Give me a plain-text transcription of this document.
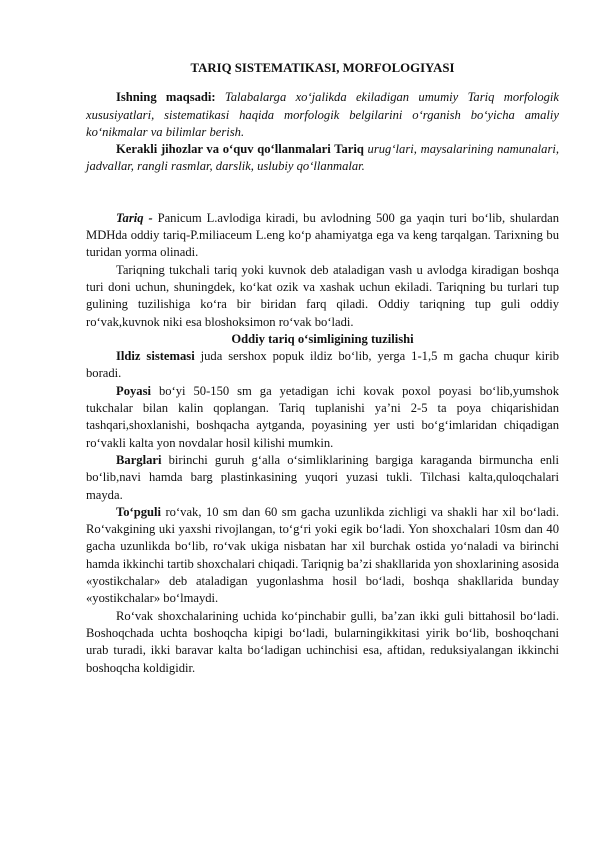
TARIQ SISTEMATIKASI, MORFOLOGIYASI

Ishning maqsadi: Talabalarga xo‘jalikda ekiladigan umumiy Tariq morfologik xususiyatlari, sistematikasi haqida morfologik belgilarini o‘rganish bo‘yicha amaliy ko‘nikmalar va bilimlar berish.

Kerakli jihozlar va o‘quv qo‘llanmalari Tariq urug‘lari, maysalarining namunalari, jadvallar, rangli rasmlar, darslik, uslubiy qo‘llanmalar.

Tariq - Panicum L.avlodiga kiradi, bu avlodning 500 ga yaqin turi bo‘lib, shulardan MDHda oddiy tariq-P.miliaceum L.eng ko‘p ahamiyatga ega va keng tarqalgan. Tarixning bu turidan yorma olinadi.

Tariqning tukchali tariq yoki kuvnok deb ataladigan vash u avlodga kiradigan boshqa turi doni uchun, shuningdek, ko‘kat ozik va xashak uchun ekiladi. Tariqning bu turlari tup gulining tuzilishiga ko‘ra bir biridan farq qiladi. Oddiy tariqning tup guli oddiy ro‘vak,kuvnok niki esa bloshoksimon ro‘vak bo‘ladi.

Oddiy tariq o‘simligining tuzilishi

Ildiz sistemasi juda sershox popuk ildiz bo‘lib, yerga 1-1,5 m gacha chuqur kirib boradi.

Poyasi bo‘yi 50-150 sm ga yetadigan ichi kovak poxol poyasi bo‘lib,yumshok tukchalar bilan kalin qoplangan. Tariq tuplanishi ya’ni 2-5 ta poya chiqarishidan tashqari,shoxlanishi, boshqacha aytganda, poyasining yer usti bo‘g‘imlaridan chiqadigan ro‘vakli kalta yon novdalar hosil kilishi mumkin.

Barglari birinchi guruh g‘alla o‘simliklarining bargiga karaganda birmuncha enli bo‘lib,navi hamda barg plastinkasining yuqori yuzasi tukli. Tilchasi kalta,quloqchalari mayda.

To‘pguli ro‘vak, 10 sm dan 60 sm gacha uzunlikda zichligi va shakli har xil bo‘ladi. Ro‘vakgining uki yaxshi rivojlangan, to‘g‘ri yoki egik bo‘ladi. Yon shoxchalari 10sm dan 40 gacha uzunlikda bo‘lib, ro‘vak ukiga nisbatan har xil burchak ostida yo‘naladi va birinchi hamda ikkinchi tartib shoxchalari chiqadi. Tariqnig ba’zi shakllarida yon shoxlarining asosida «yostikchalar» deb ataladigan yugonlashma hosil bo‘ladi, boshqa shakllarida bunday «yostikchalar» bo‘lmaydi.

Ro‘vak shoxchalarining uchida ko‘pinchabir gulli, ba’zan ikki guli bittahosil bo‘ladi. Boshoqchada uchta boshoqcha kipigi bo‘ladi, bularningikkitasi yirik bo‘lib, boshoqchani urab turadi, ikki baravar kalta bo‘ladigan uchinchisi esa, aftidan, reduksiyalangan ikkinchi boshoqcha koldigidir.
